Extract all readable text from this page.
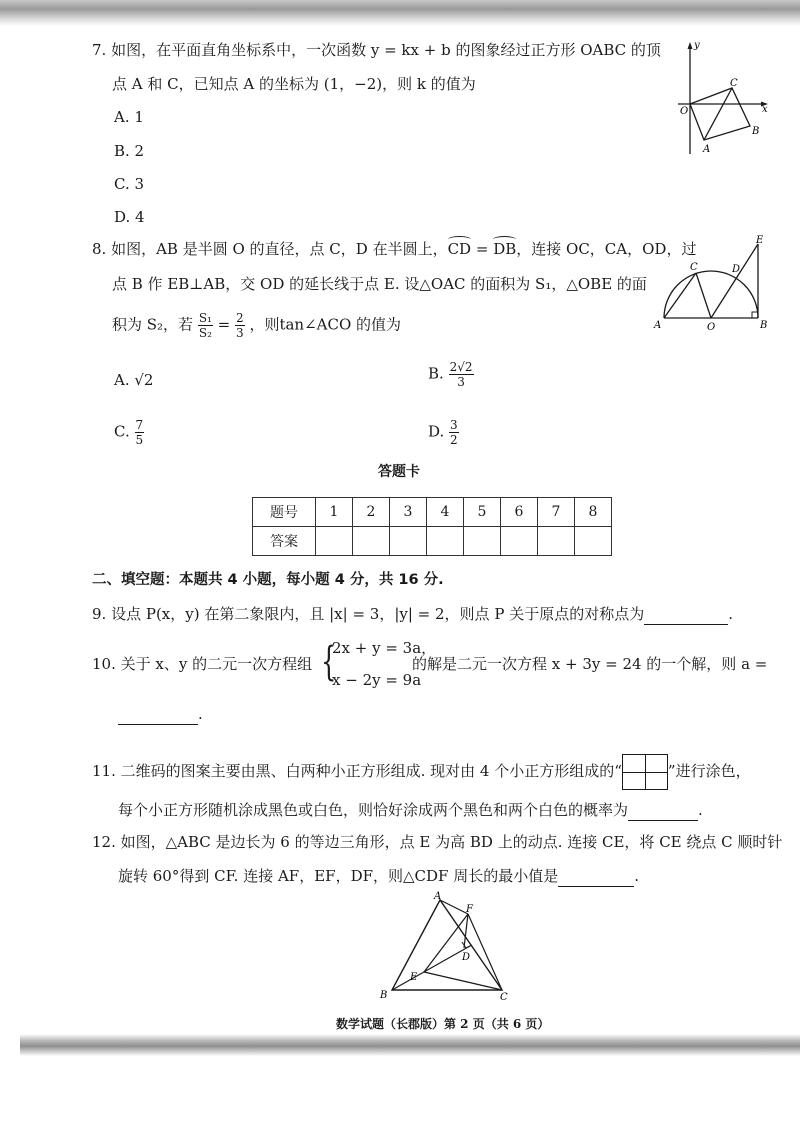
7. 如图，在平面直角坐标系中，一次函数 y = kx + b 的图象经过正方形 OABC 的顶
点 A 和 C，已知点 A 的坐标为 (1，−2)，则 k 的值为
A. 1
B. 2
C. 3
D. 4
y
x
O
A
B
C
8. 如图，AB 是半圆 O 的直径，点 C，D 在半圆上，CD = DB，连接 OC，CA，OD，过
点 B 作 EB⊥AB，交 OD 的延长线于点 E. 设△OAC 的面积为 S₁，△OBE 的面
积为 S₂，若 $\frac{\text{S₁}}{\text{S₂}} = \frac{2}{3}$ ，则tan∠ACO 的值为
A. √2	B. $\frac{2√2}{3}$
C. $\frac{7}{5}$	D. $\frac{3}{2}$
E
C	D
A	O	B
答题卡
题号	1	2	3	4	5	6	7	8
答案								
二、填空题：本题共 4 小题，每小题 4 分，共 16 分.
9. 设点 P(x，y) 在第二象限内，且 |x| = 3，|y| = 2，则点 P 关于原点的对称点为	.
10. 关于 x、y 的二元一次方程组 {
2x + y = 3a，
x − 2y = 9a
的解是二元一次方程 x + 3y = 24 的一个解，则 a =
.
11. 二维码的图案主要由黑、白两种小正方形组成. 现对由 4 个小正方形组成的“	”进行涂色，
每个小正方形随机涂成黑色或白色，则恰好涂成两个黑色和两个白色的概率为	.
12. 如图，△ABC 是边长为 6 的等边三角形，点 E 为高 BD 上的动点. 连接 CE，将 CE 绕点 C 顺时针
旋转 60°得到 CF. 连接 AF，EF，DF，则△CDF 周长的最小值是	.
A
F
D
E
B	C
数学试题（长郡版）第 2 页（共 6 页）
